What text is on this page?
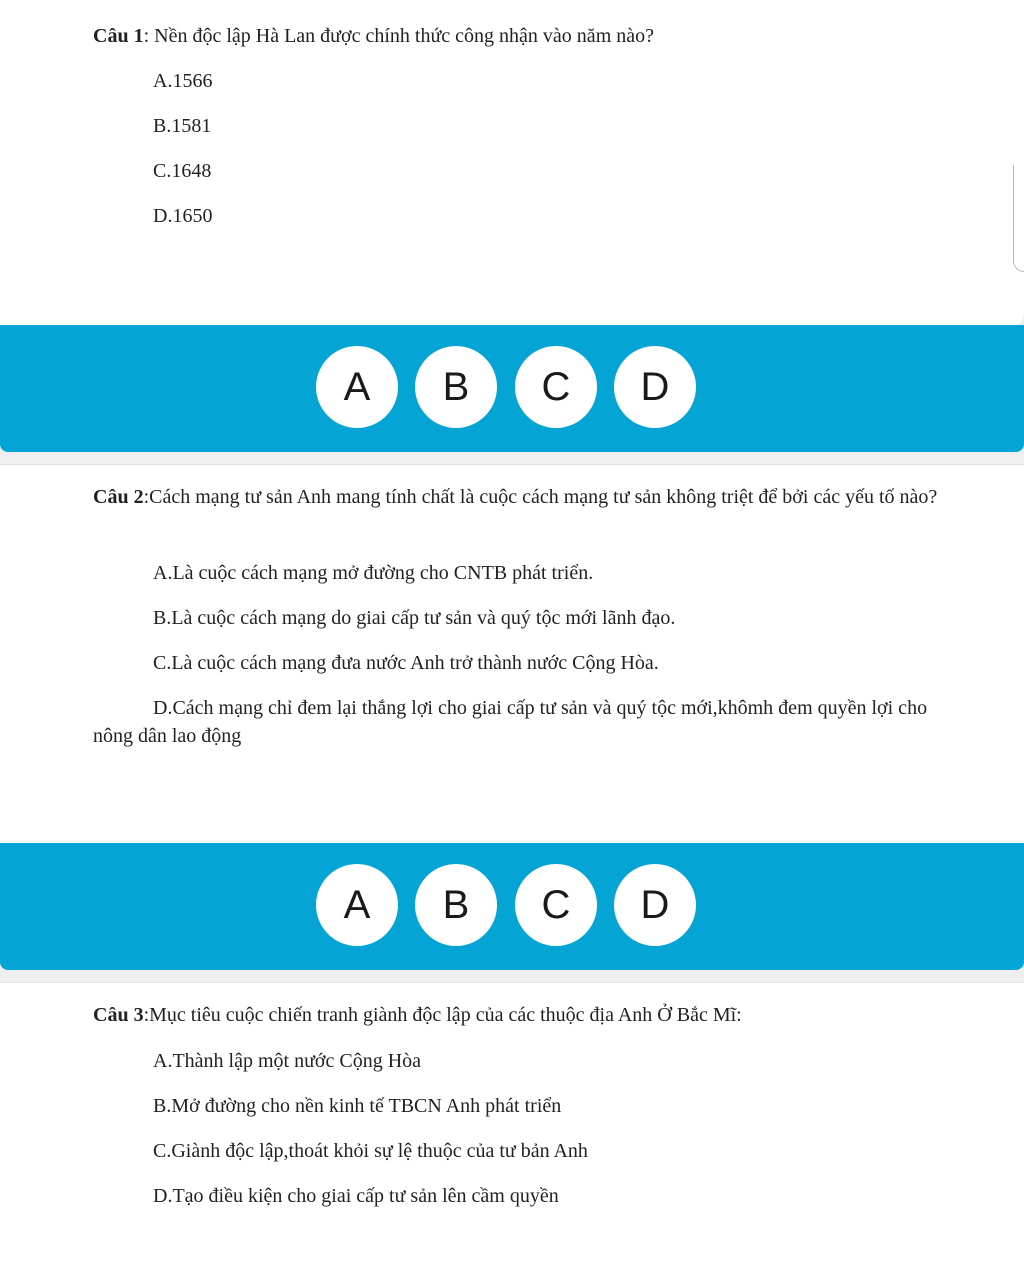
Câu 1: Nền độc lập Hà Lan được chính thức công nhận vào năm nào?
A.1566
B.1581
C.1648
D.1650
A	B	C	D
Câu 2:Cách mạng tư sản Anh mang tính chất là cuộc cách mạng tư sản không triệt để bởi các yếu tố nào?
A.Là cuộc cách mạng mở đường cho CNTB phát triển.
B.Là cuộc cách mạng do giai cấp tư sản và quý tộc mới lãnh đạo.
C.Là cuộc cách mạng đưa nước Anh trở thành nước Cộng Hòa.
D.Cách mạng chỉ đem lại thắng lợi cho giai cấp tư sản và quý tộc mới,khômh đem quyền lợi cho nông dân lao động
A	B	C	D
Câu 3:Mục tiêu cuộc chiến tranh giành độc lập của các thuộc địa Anh Ở Bắc Mĩ:
A.Thành lập một nước Cộng Hòa
B.Mở đường cho nền kinh tế TBCN Anh phát triển
C.Giành độc lập,thoát khỏi sự lệ thuộc của tư bản Anh
D.Tạo điều kiện cho giai cấp tư sản lên cầm quyền
